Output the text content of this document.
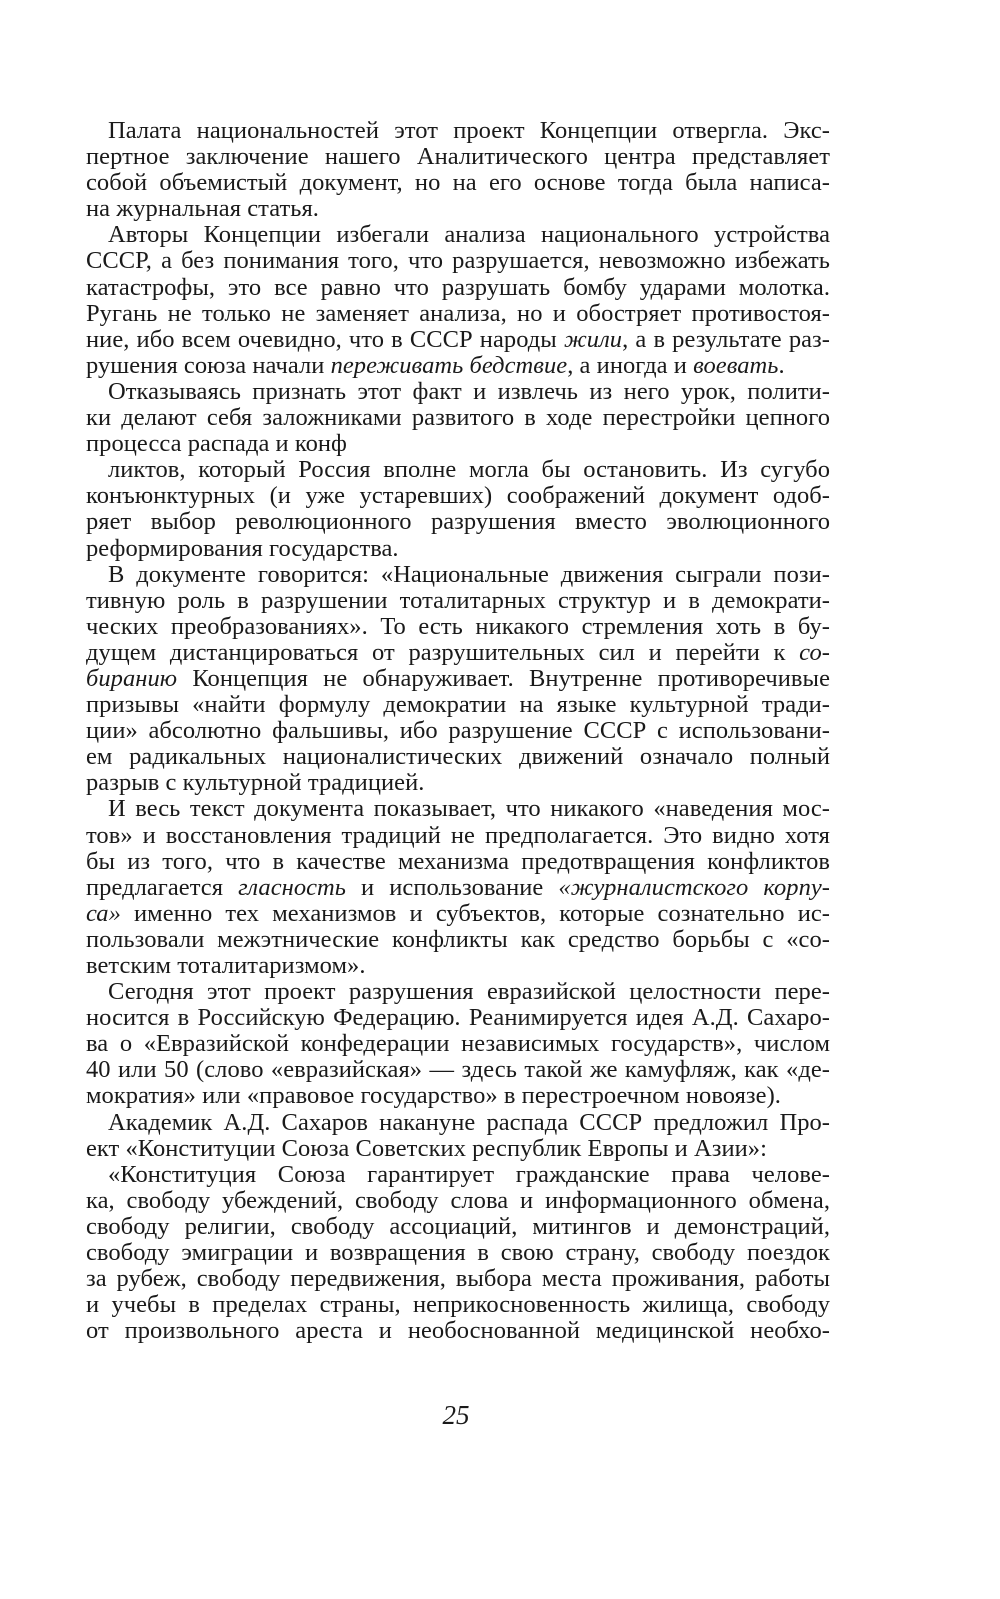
Палата национальностей этот проект Концепции отвергла. Экс-
пертное заключение нашего Аналитического центра представляет
собой объемистый документ, но на его основе тогда была написа-
на журнальная статья.
Авторы Концепции избегали анализа национального устройства
СССР, а без понимания того, что разрушается, невозможно избежать
катастрофы, это все равно что разрушать бомбу ударами молотка.
Ругань не только не заменяет анализа, но и обостряет противостоя-
ние, ибо всем очевидно, что в СССР народы жили, а в результате раз-
рушения союза начали переживать бедствие, а иногда и воевать.
Отказываясь признать этот факт и извлечь из него урок, полити-
ки делают себя заложниками развитого в ходе перестройки цепного
процесса распада и конф
ликтов, который Россия вполне могла бы остановить. Из сугубо
конъюнктурных (и уже устаревших) соображений документ одоб-
ряет выбор революционного разрушения вместо эволюционного
реформирования государства.
В документе говорится: «Национальные движения сыграли пози-
тивную роль в разрушении тоталитарных структур и в демократи-
ческих преобразованиях». То есть никакого стремления хоть в бу-
дущем дистанцироваться от разрушительных сил и перейти к со-
биранию Концепция не обнаруживает. Внутренне противоречивые
призывы «найти формулу демократии на языке культурной тради-
ции» абсолютно фальшивы, ибо разрушение СССР с использовани-
ем радикальных националистических движений означало полный
разрыв с культурной традицией.
И весь текст документа показывает, что никакого «наведения мос-
тов» и восстановления традиций не предполагается. Это видно хотя
бы из того, что в качестве механизма предотвращения конфликтов
предлагается гласность и использование «журналистского корпу-
са» именно тех механизмов и субъектов, которые сознательно ис-
пользовали межэтнические конфликты как средство борьбы с «со-
ветским тоталитаризмом».
Сегодня этот проект разрушения евразийской целостности пере-
носится в Российскую Федерацию. Реанимируется идея А.Д. Сахаро-
ва о «Евразийской конфедерации независимых государств», числом
40 или 50 (слово «евразийская» — здесь такой же камуфляж, как «де-
мократия» или «правовое государство» в перестроечном новоязе).
Академик А.Д. Сахаров накануне распада СССР предложил Про-
ект «Конституции Союза Советских республик Европы и Азии»:
«Конституция Союза гарантирует гражданские права челове-
ка, свободу убеждений, свободу слова и информационного обмена,
свободу религии, свободу ассоциаций, митингов и демонстраций,
свободу эмиграции и возвращения в свою страну, свободу поездок
за рубеж, свободу передвижения, выбора места проживания, работы
и учебы в пределах страны, неприкосновенность жилища, свободу
от произвольного ареста и необоснованной медицинской необхо-
25
